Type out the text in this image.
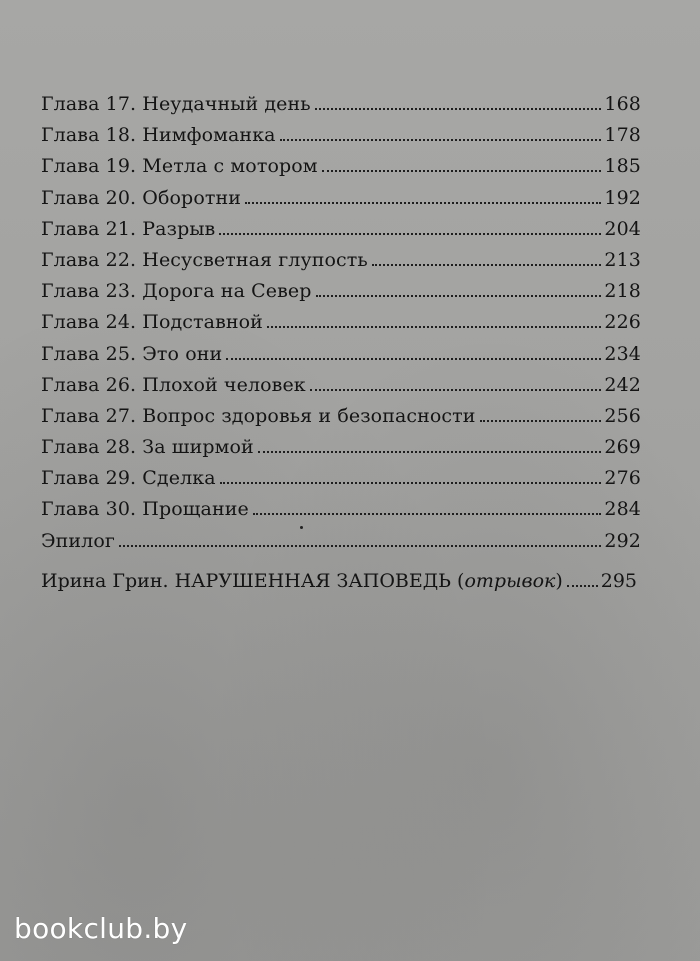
Глава 17. Неудачный день	168
Глава 18. Нимфоманка	178
Глава 19. Метла с мотором	185
Глава 20. Оборотни	192
Глава 21. Разрыв	204
Глава 22. Несусветная глупость	213
Глава 23. Дорога на Север	218
Глава 24. Подставной	226
Глава 25. Это они	234
Глава 26. Плохой человек	242
Глава 27. Вопрос здоровья и безопасности	256
Глава 28. За ширмой	269
Глава 29. Сделка	276
Глава 30. Прощание	284
Эпилог	292
Ирина Грин. НАРУШЕННАЯ ЗАПОВЕДЬ (отрывок) 295
bookclub.by
